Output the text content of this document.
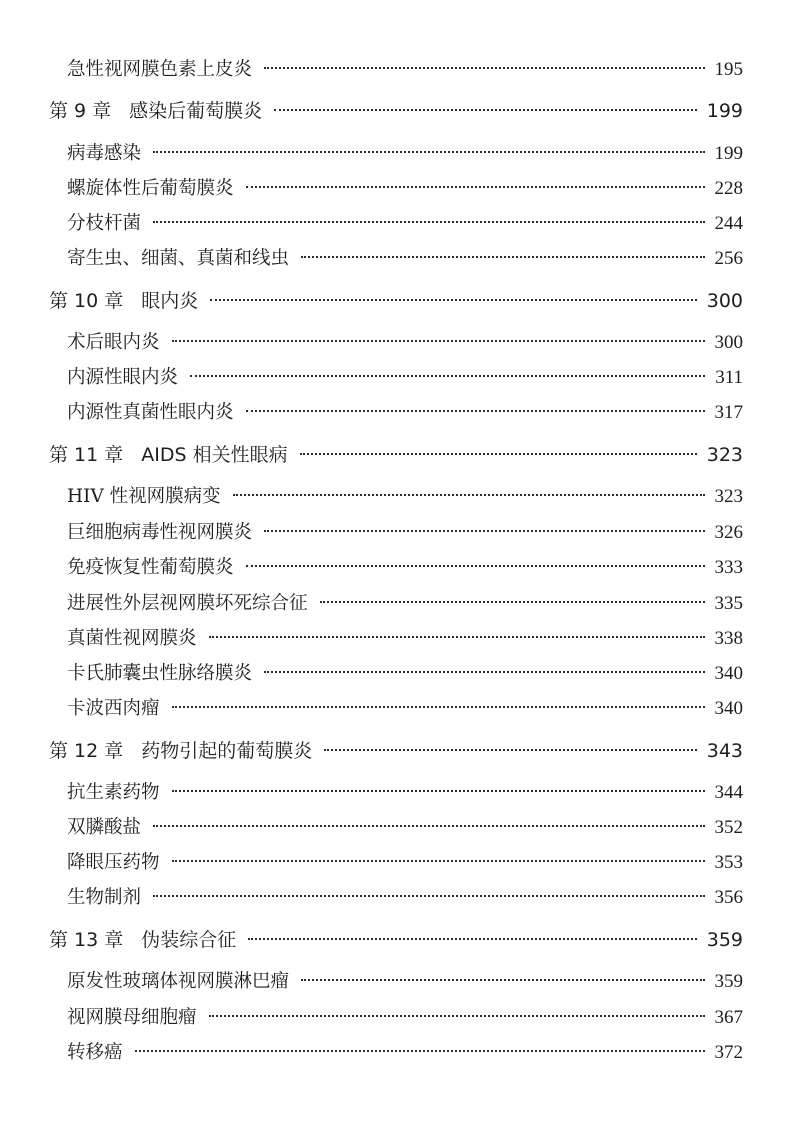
急性视网膜色素上皮炎	195
第 9 章 感染后葡萄膜炎	199
病毒感染	199
螺旋体性后葡萄膜炎	228
分枝杆菌	244
寄生虫、细菌、真菌和线虫	256
第 10 章 眼内炎	300
术后眼内炎	300
内源性眼内炎	311
内源性真菌性眼内炎	317
第 11 章 AIDS 相关性眼病	323
HIV 性视网膜病变	323
巨细胞病毒性视网膜炎	326
免疫恢复性葡萄膜炎	333
进展性外层视网膜坏死综合征	335
真菌性视网膜炎	338
卡氏肺囊虫性脉络膜炎	340
卡波西肉瘤	340
第 12 章 药物引起的葡萄膜炎	343
抗生素药物	344
双膦酸盐	352
降眼压药物	353
生物制剂	356
第 13 章 伪装综合征	359
原发性玻璃体视网膜淋巴瘤	359
视网膜母细胞瘤	367
转移癌	372
